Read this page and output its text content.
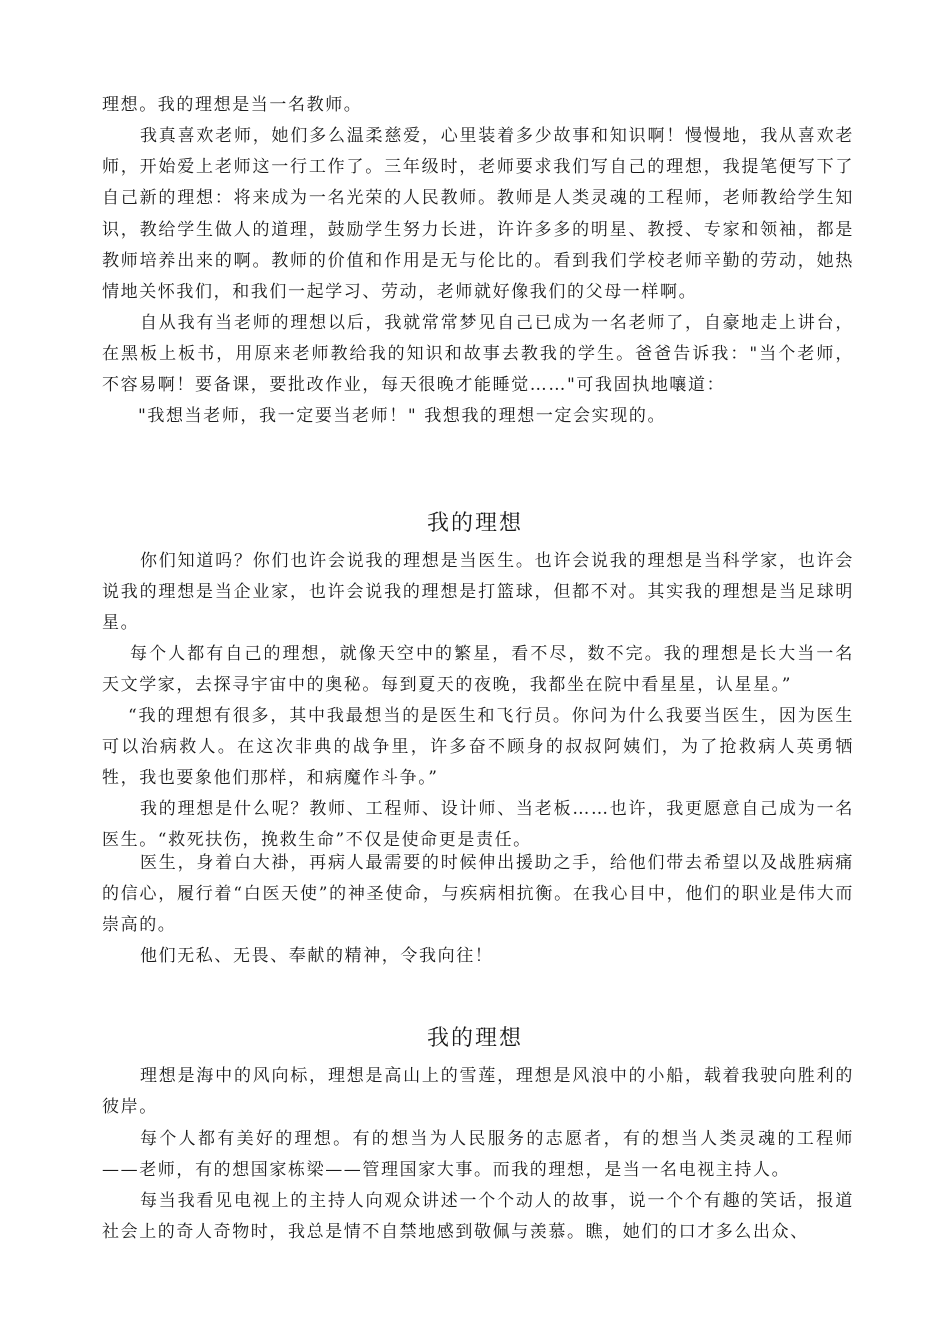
理想。我的理想是当一名教师。

我真喜欢老师，她们多么温柔慈爱，心里装着多少故事和知识啊！慢慢地，我从喜欢老师，开始爱上老师这一行工作了。三年级时，老师要求我们写自己的理想，我提笔便写下了自己新的理想：将来成为一名光荣的人民教师。教师是人类灵魂的工程师，老师教给学生知识，教给学生做人的道理，鼓励学生努力长进，许许多多的明星、教授、专家和领袖，都是教师培养出来的啊。教师的价值和作用是无与伦比的。看到我们学校老师辛勤的劳动，她热情地关怀我们，和我们一起学习、劳动，老师就好像我们的父母一样啊。

自从我有当老师的理想以后，我就常常梦见自己已成为一名老师了，自豪地走上讲台，在黑板上板书，用原来老师教给我的知识和故事去教我的学生。爸爸告诉我："当个老师，不容易啊！要备课，要批改作业，每天很晚才能睡觉……"可我固执地嚷道：

"我想当老师，我一定要当老师！" 我想我的理想一定会实现的。

我的理想

你们知道吗？你们也许会说我的理想是当医生。也许会说我的理想是当科学家，也许会说我的理想是当企业家，也许会说我的理想是打篮球，但都不对。其实我的理想是当足球明星。

每个人都有自己的理想，就像天空中的繁星，看不尽，数不完。我的理想是长大当一名天文学家，去探寻宇宙中的奥秘。每到夏天的夜晚，我都坐在院中看星星，认星星。”

“我的理想有很多，其中我最想当的是医生和飞行员。你问为什么我要当医生，因为医生可以治病救人。在这次非典的战争里，许多奋不顾身的叔叔阿姨们，为了抢救病人英勇牺牲，我也要象他们那样，和病魔作斗争。”

我的理想是什么呢？教师、工程师、设计师、当老板……也许，我更愿意自己成为一名医生。“救死扶伤，挽救生命”不仅是使命更是责任。

医生，身着白大褂，再病人最需要的时候伸出援助之手，给他们带去希望以及战胜病痛的信心，履行着“白医天使”的神圣使命，与疾病相抗衡。在我心目中，他们的职业是伟大而崇高的。

他们无私、无畏、奉献的精神，令我向往！

我的理想

理想是海中的风向标，理想是高山上的雪莲，理想是风浪中的小船，载着我驶向胜利的彼岸。

每个人都有美好的理想。有的想当为人民服务的志愿者，有的想当人类灵魂的工程师——老师，有的想国家栋梁——管理国家大事。而我的理想，是当一名电视主持人。

每当我看见电视上的主持人向观众讲述一个个动人的故事，说一个个有趣的笑话，报道社会上的奇人奇物时，我总是情不自禁地感到敬佩与羡慕。瞧，她们的口才多么出众、
